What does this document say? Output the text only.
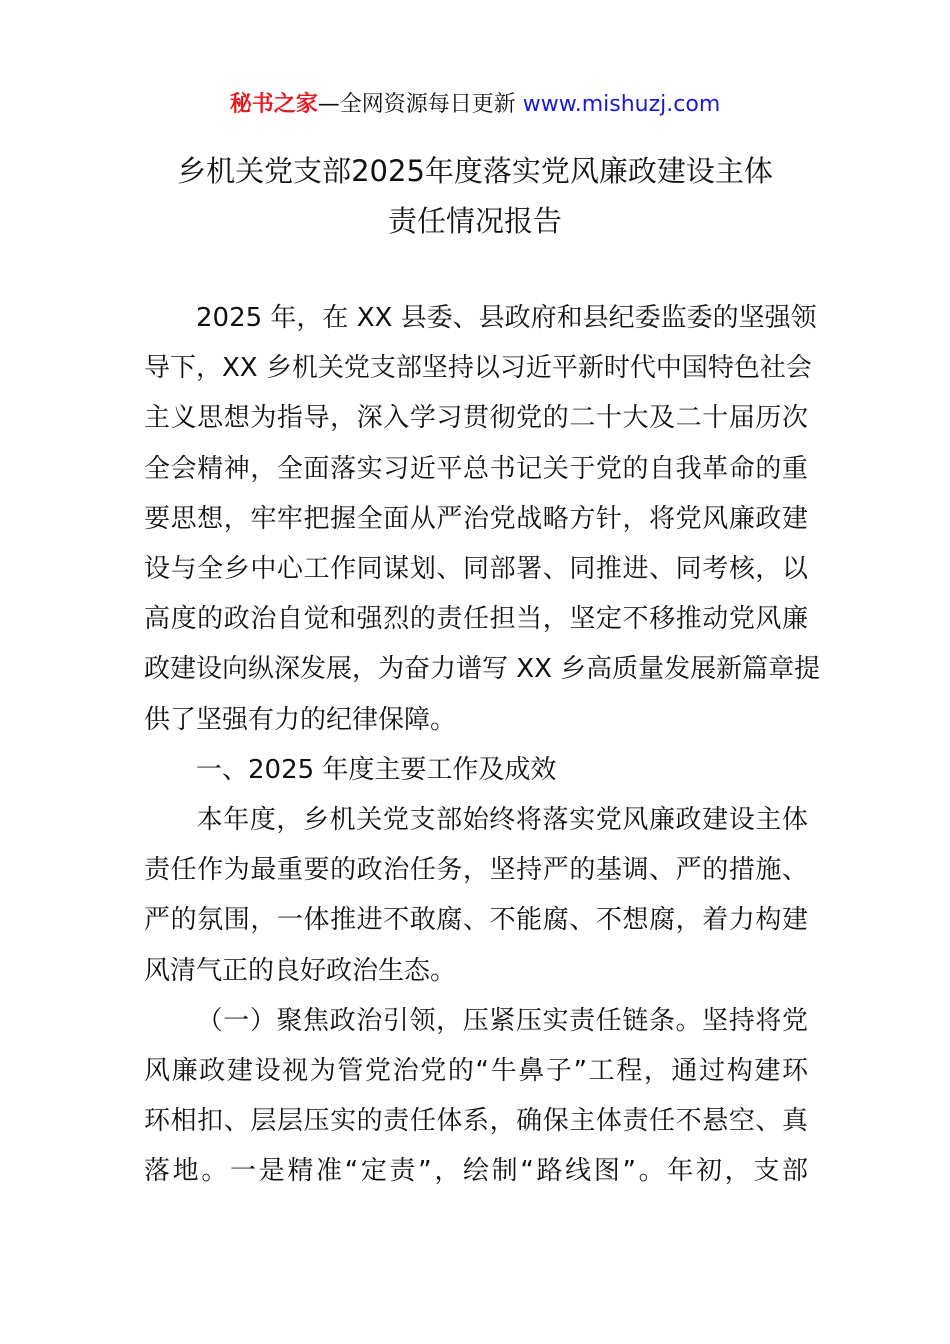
秘书之家—全网资源每日更新 www.mishuzj.com
乡机关党支部2025年度落实党风廉政建设主体
责任情况报告

2025 年，在 XX 县委、县政府和县纪委监委的坚强领
导下，XX 乡机关党支部坚持以习近平新时代中国特色社会
主义思想为指导，深入学习贯彻党的二十大及二十届历次
全会精神，全面落实习近平总书记关于党的自我革命的重
要思想，牢牢把握全面从严治党战略方针，将党风廉政建
设与全乡中心工作同谋划、同部署、同推进、同考核，以
高度的政治自觉和强烈的责任担当，坚定不移推动党风廉
政建设向纵深发展，为奋力谱写 XX 乡高质量发展新篇章提
供了坚强有力的纪律保障。

一、2025 年度主要工作及成效

本年度，乡机关党支部始终将落实党风廉政建设主体
责任作为最重要的政治任务，坚持严的基调、严的措施、
严的氛围，一体推进不敢腐、不能腐、不想腐，着力构建
风清气正的良好政治生态。

（一）聚焦政治引领，压紧压实责任链条。坚持将党
风廉政建设视为管党治党的“牛鼻子”工程，通过构建环
环相扣、层层压实的责任体系，确保主体责任不悬空、真
落地。一是精准“定责”，绘制“路线图”。年初，支部
